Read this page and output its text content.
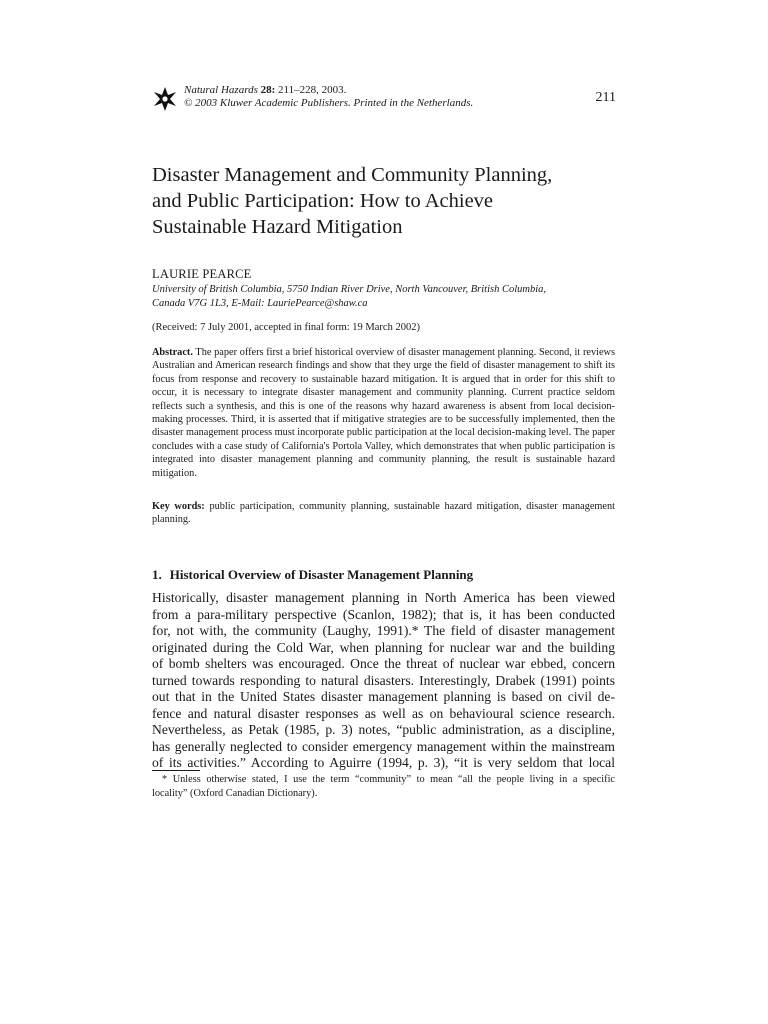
Natural Hazards 28: 211–228, 2003.
© 2003 Kluwer Academic Publishers. Printed in the Netherlands.	211
Disaster Management and Community Planning,
and Public Participation: How to Achieve
Sustainable Hazard Mitigation
LAURIE PEARCE
University of British Columbia, 5750 Indian River Drive, North Vancouver, British Columbia,
Canada V7G 1L3, E-Mail: LauriePearce@shaw.ca
(Received: 7 July 2001, accepted in final form: 19 March 2002)
Abstract. The paper offers first a brief historical overview of disaster management planning. Second, it reviews Australian and American research findings and show that they urge the field of disaster management to shift its focus from response and recovery to sustainable hazard mitigation. It is argued that in order for this shift to occur, it is necessary to integrate disaster management and community planning. Current practice seldom reflects such a synthesis, and this is one of the reasons why hazard awareness is absent from local decision-making processes. Third, it is asserted that if mitigative strategies are to be successfully implemented, then the disaster management process must incorporate public participation at the local decision-making level. The paper concludes with a case study of California's Portola Valley, which demonstrates that when public participation is integrated into disaster management planning and community planning, the result is sustainable hazard mitigation.
Key words: public participation, community planning, sustainable hazard mitigation, disaster management planning.
1. Historical Overview of Disaster Management Planning
Historically, disaster management planning in North America has been viewed
from a para-military perspective (Scanlon, 1982); that is, it has been conducted
for, not with, the community (Laughy, 1991).* The field of disaster management
originated during the Cold War, when planning for nuclear war and the building
of bomb shelters was encouraged. Once the threat of nuclear war ebbed, concern
turned towards responding to natural disasters. Interestingly, Drabek (1991) points
out that in the United States disaster management planning is based on civil de-
fence and natural disaster responses as well as on behavioural science research.
Nevertheless, as Petak (1985, p. 3) notes, “public administration, as a discipline,
has generally neglected to consider emergency management within the mainstream
of its activities.” According to Aguirre (1994, p. 3), “it is very seldom that local
* Unless otherwise stated, I use the term “community” to mean “all the people living in a specific
locality” (Oxford Canadian Dictionary).
